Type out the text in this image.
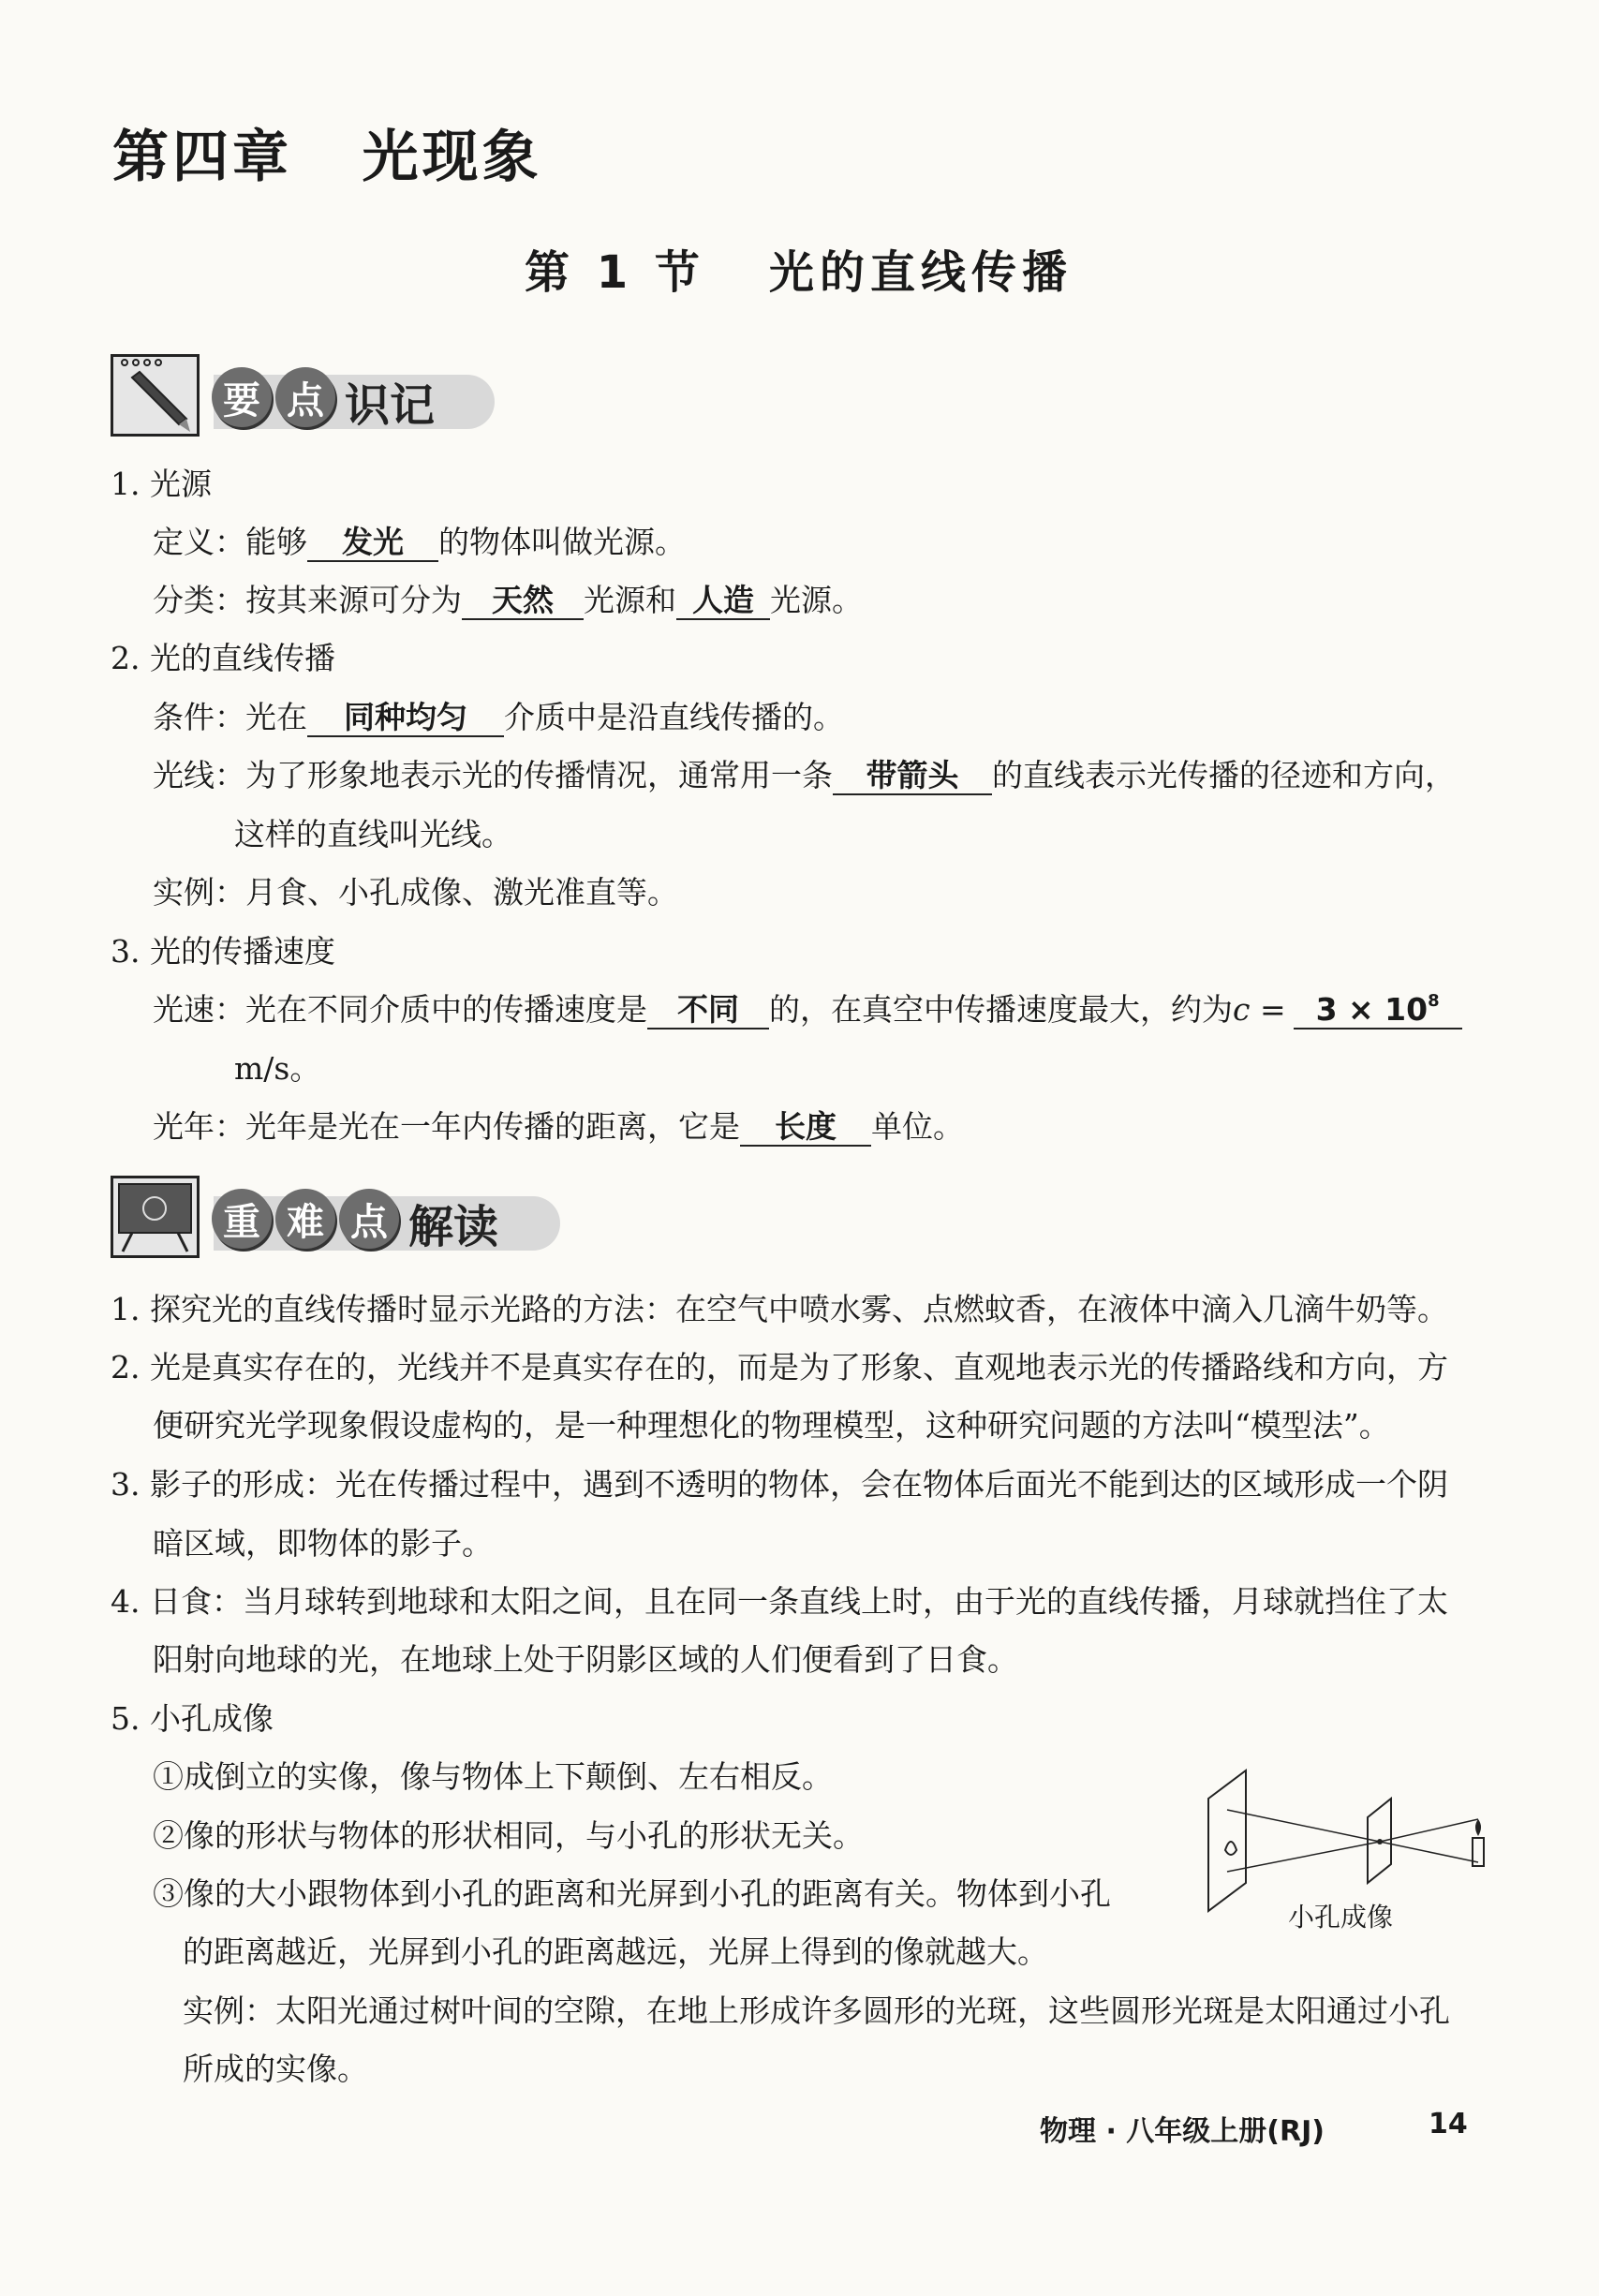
第四章   光现象
第 1 节   光的直线传播
要 点 识记
1. 光源
定义：能够 发光 的物体叫做光源。
分类：按其来源可分为 天然 光源和 人造 光源。
2. 光的直线传播
条件：光在 同种均匀 介质中是沿直线传播的。
光线：为了形象地表示光的传播情况，通常用一条 带箭头 的直线表示光传播的径迹和方向，
这样的直线叫光线。
实例：月食、小孔成像、激光准直等。
3. 光的传播速度
光速：光在不同介质中的传播速度是 不同 的，在真空中传播速度最大，约为$c = 3 \times 10^8$
m/s。
光年：光年是光在一年内传播的距离，它是 长度 单位。
重 难 点 解读
1. 探究光的直线传播时显示光路的方法：在空气中喷水雾、点燃蚊香，在液体中滴入几滴牛奶等。
2. 光是真实存在的，光线并不是真实存在的，而是为了形象、直观地表示光的传播路线和方向，方
便研究光学现象假设虚构的，是一种理想化的物理模型，这种研究问题的方法叫“模型法”。
3. 影子的形成：光在传播过程中，遇到不透明的物体，会在物体后面光不能到达的区域形成一个阴
暗区域，即物体的影子。
4. 日食：当月球转到地球和太阳之间，且在同一条直线上时，由于光的直线传播，月球就挡住了太
阳射向地球的光，在地球上处于阴影区域的人们便看到了日食。
5. 小孔成像
①成倒立的实像，像与物体上下颠倒、左右相反。
②像的形状与物体的形状相同，与小孔的形状无关。
③像的大小跟物体到小孔的距离和光屏到小孔的距离有关。物体到小孔
的距离越近，光屏到小孔的距离越远，光屏上得到的像就越大。
实例：太阳光通过树叶间的空隙，在地上形成许多圆形的光斑，这些圆形光斑是太阳通过小孔
所成的实像。
小孔成像
物理 · 八年级上册(RJ)	14
